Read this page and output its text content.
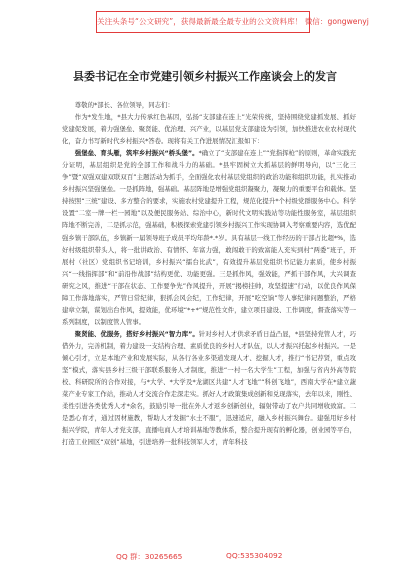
关注头条号“公文研究”，获得最新最全最专业的公文资料库！ 微信：gongwenyj
县委书记在全市党建引领乡村振兴工作座谈会上的发言

尊敬的*部长、各位领导，同志们：

作为*发生地，*县大力传承红色基因，弘扬“支部建在连上”光荣传统，坚持围绕党建抓发展、抓好党建促发展，着力强堡垒、聚贤能、优治理、兴产业，以基层党支部建设为引领，加快推进农业农村现代化，奋力书写新时代乡村振兴*答卷。现将有关工作进展情况汇报如下：

强堡垒、育头雁，筑牢乡村振兴“桥头堡”。*确立了“支部建在连上”“党指挥枪”的原则，革命实践充分证明，基层组织是党的全部工作和战斗力的基础。*县牢固树立大抓基层的鲜明导向，以“三化三争”暨“双强双建双联双百”主题活动为抓手，全面强化农村基层党组织的政治功能和组织功能，扎实推动乡村振兴坚强堡垒。一是抓阵地，强基础。基层阵地是增强党组织凝聚力，凝聚力的重要平台和载体。坚持按照“三统”建设、多方整合的要求，实施农村党建提升工程，规范化提升*个村级党群服务中心。科学设置“二室一牌一栏一园地”以及便民服务站、综治中心，新时代文明实践站等功能性服务室，基层组织阵地不断完善，二是抓示范，强基础，积极探索党建引领乡村振兴工作实现协调入考察重要内容，选优配强乡镇干部队伍，乡镇新一届领导班子成员平均年龄*.*岁。具有基层一线工作经历的干部占比超*%，选好村级组织带头人，将一批讲政治、有情怀、年富力强，敢闯敢干的致富能人充实到村“两委”班子，开展村（社区）党组织书记培训，乡村振兴“擂台比武”，有效提升基层党组织书记能力素质，使乡村振兴“一线指挥部”和“前沿作战部”结构更优、功能更强。三是抓作风，强效能，严抓干部作风，大兴调查研究之风，推进“干部在状态、工作要争先”作风提升，开展“揭榜挂帅，攻坚提速”行动，以优良作风保障工作落地落实，严管日常纪律，狠抓会风会纪，工作纪律，开展“吃空饷”等人事纪律问题整治，严格建章立制，谋划出台作风，提效能，优环境“*+*”规范性文件，建立项目建设、工作调度，督查落实等一系列制度，以制度管人管事。

聚贤能、优服务，搭好乡村振兴“智力库”。针对乡村人才供求矛盾日益凸显，*县坚持党管人才，巧借外力，完善机制，着力建设一支结构合理、素质优良的乡村人才队伍，以人才振兴托起乡村振兴。一是倾心引才，立足本地产业和发展实际，从各行各业多渠道发现人才、挖掘人才，推行“书记荐贤，重点攻坚”模式，落实县乡村三级干部联系服务人才制度，推进“一村一名大学生”工程，加强与省内外高等院校、科研院所的合作对接，与*大学、*大学及*龙湖区共建“人才飞地”“科创飞地”，西南大学在*建立蔬菜产业专家工作站，推动人才交流合作走深走实。抓好人才政策集成创新和兑现落实，去年以来，刚性、柔性引进各类优秀人才*余名，鼓励引导一批在外人才返乡创新创业，辐射带动了农户共同增收致富。二是悉心育才，通过因材施教，帮助人才发掘“水土不服”，迅速适应，融入乡村振兴舞台。建强用好乡村振兴学院，青年人才党支部，直播电商人才培训基地等教体系，整合提升现有的孵化器，创业园等平台，打造工业园区“双创”基地，引进培养一批科技领军人才，青年科技

QQ 群：30265665	QQ:535304092
